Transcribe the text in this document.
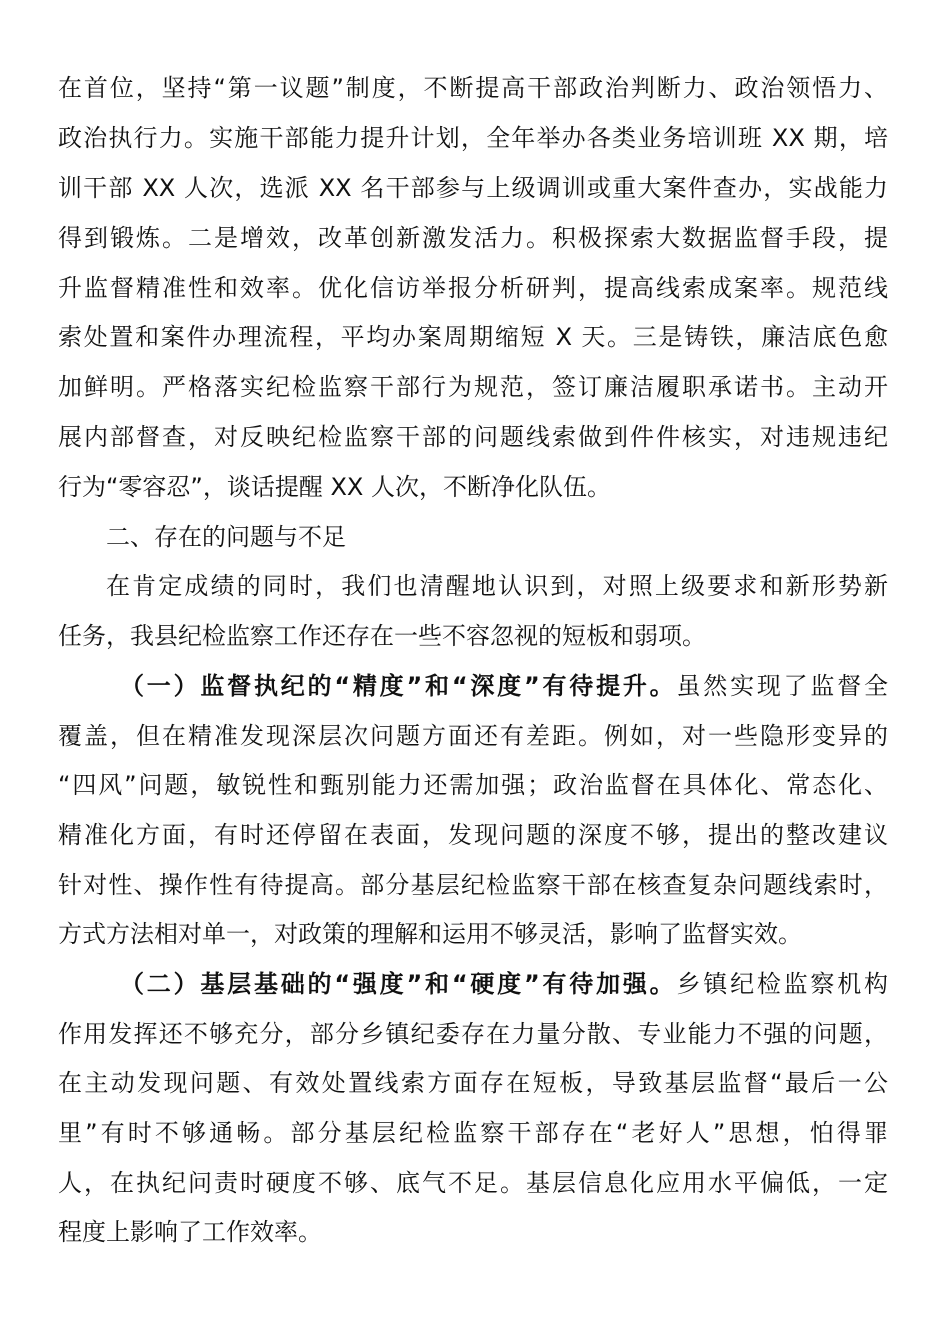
在首位，坚持“第一议题”制度，不断提高干部政治判断力、政治领悟力、
政治执行力。实施干部能力提升计划，全年举办各类业务培训班 XX 期，培
训干部 XX 人次，选派 XX 名干部参与上级调训或重大案件查办，实战能力
得到锻炼。二是增效，改革创新激发活力。积极探索大数据监督手段，提
升监督精准性和效率。优化信访举报分析研判，提高线索成案率。规范线
索处置和案件办理流程，平均办案周期缩短 X 天。三是铸铁，廉洁底色愈
加鲜明。严格落实纪检监察干部行为规范，签订廉洁履职承诺书。主动开
展内部督查，对反映纪检监察干部的问题线索做到件件核实，对违规违纪
行为“零容忍”，谈话提醒 XX 人次，不断净化队伍。
二、存在的问题与不足
在肯定成绩的同时，我们也清醒地认识到，对照上级要求和新形势新
任务，我县纪检监察工作还存在一些不容忽视的短板和弱项。
（一）监督执纪的“精度”和“深度”有待提升。虽然实现了监督全
覆盖，但在精准发现深层次问题方面还有差距。例如，对一些隐形变异的
“四风”问题，敏锐性和甄别能力还需加强；政治监督在具体化、常态化、
精准化方面，有时还停留在表面，发现问题的深度不够，提出的整改建议
针对性、操作性有待提高。部分基层纪检监察干部在核查复杂问题线索时，
方式方法相对单一，对政策的理解和运用不够灵活，影响了监督实效。
（二）基层基础的“强度”和“硬度”有待加强。乡镇纪检监察机构
作用发挥还不够充分，部分乡镇纪委存在力量分散、专业能力不强的问题，
在主动发现问题、有效处置线索方面存在短板，导致基层监督“最后一公
里”有时不够通畅。部分基层纪检监察干部存在“老好人”思想，怕得罪
人，在执纪问责时硬度不够、底气不足。基层信息化应用水平偏低，一定
程度上影响了工作效率。
